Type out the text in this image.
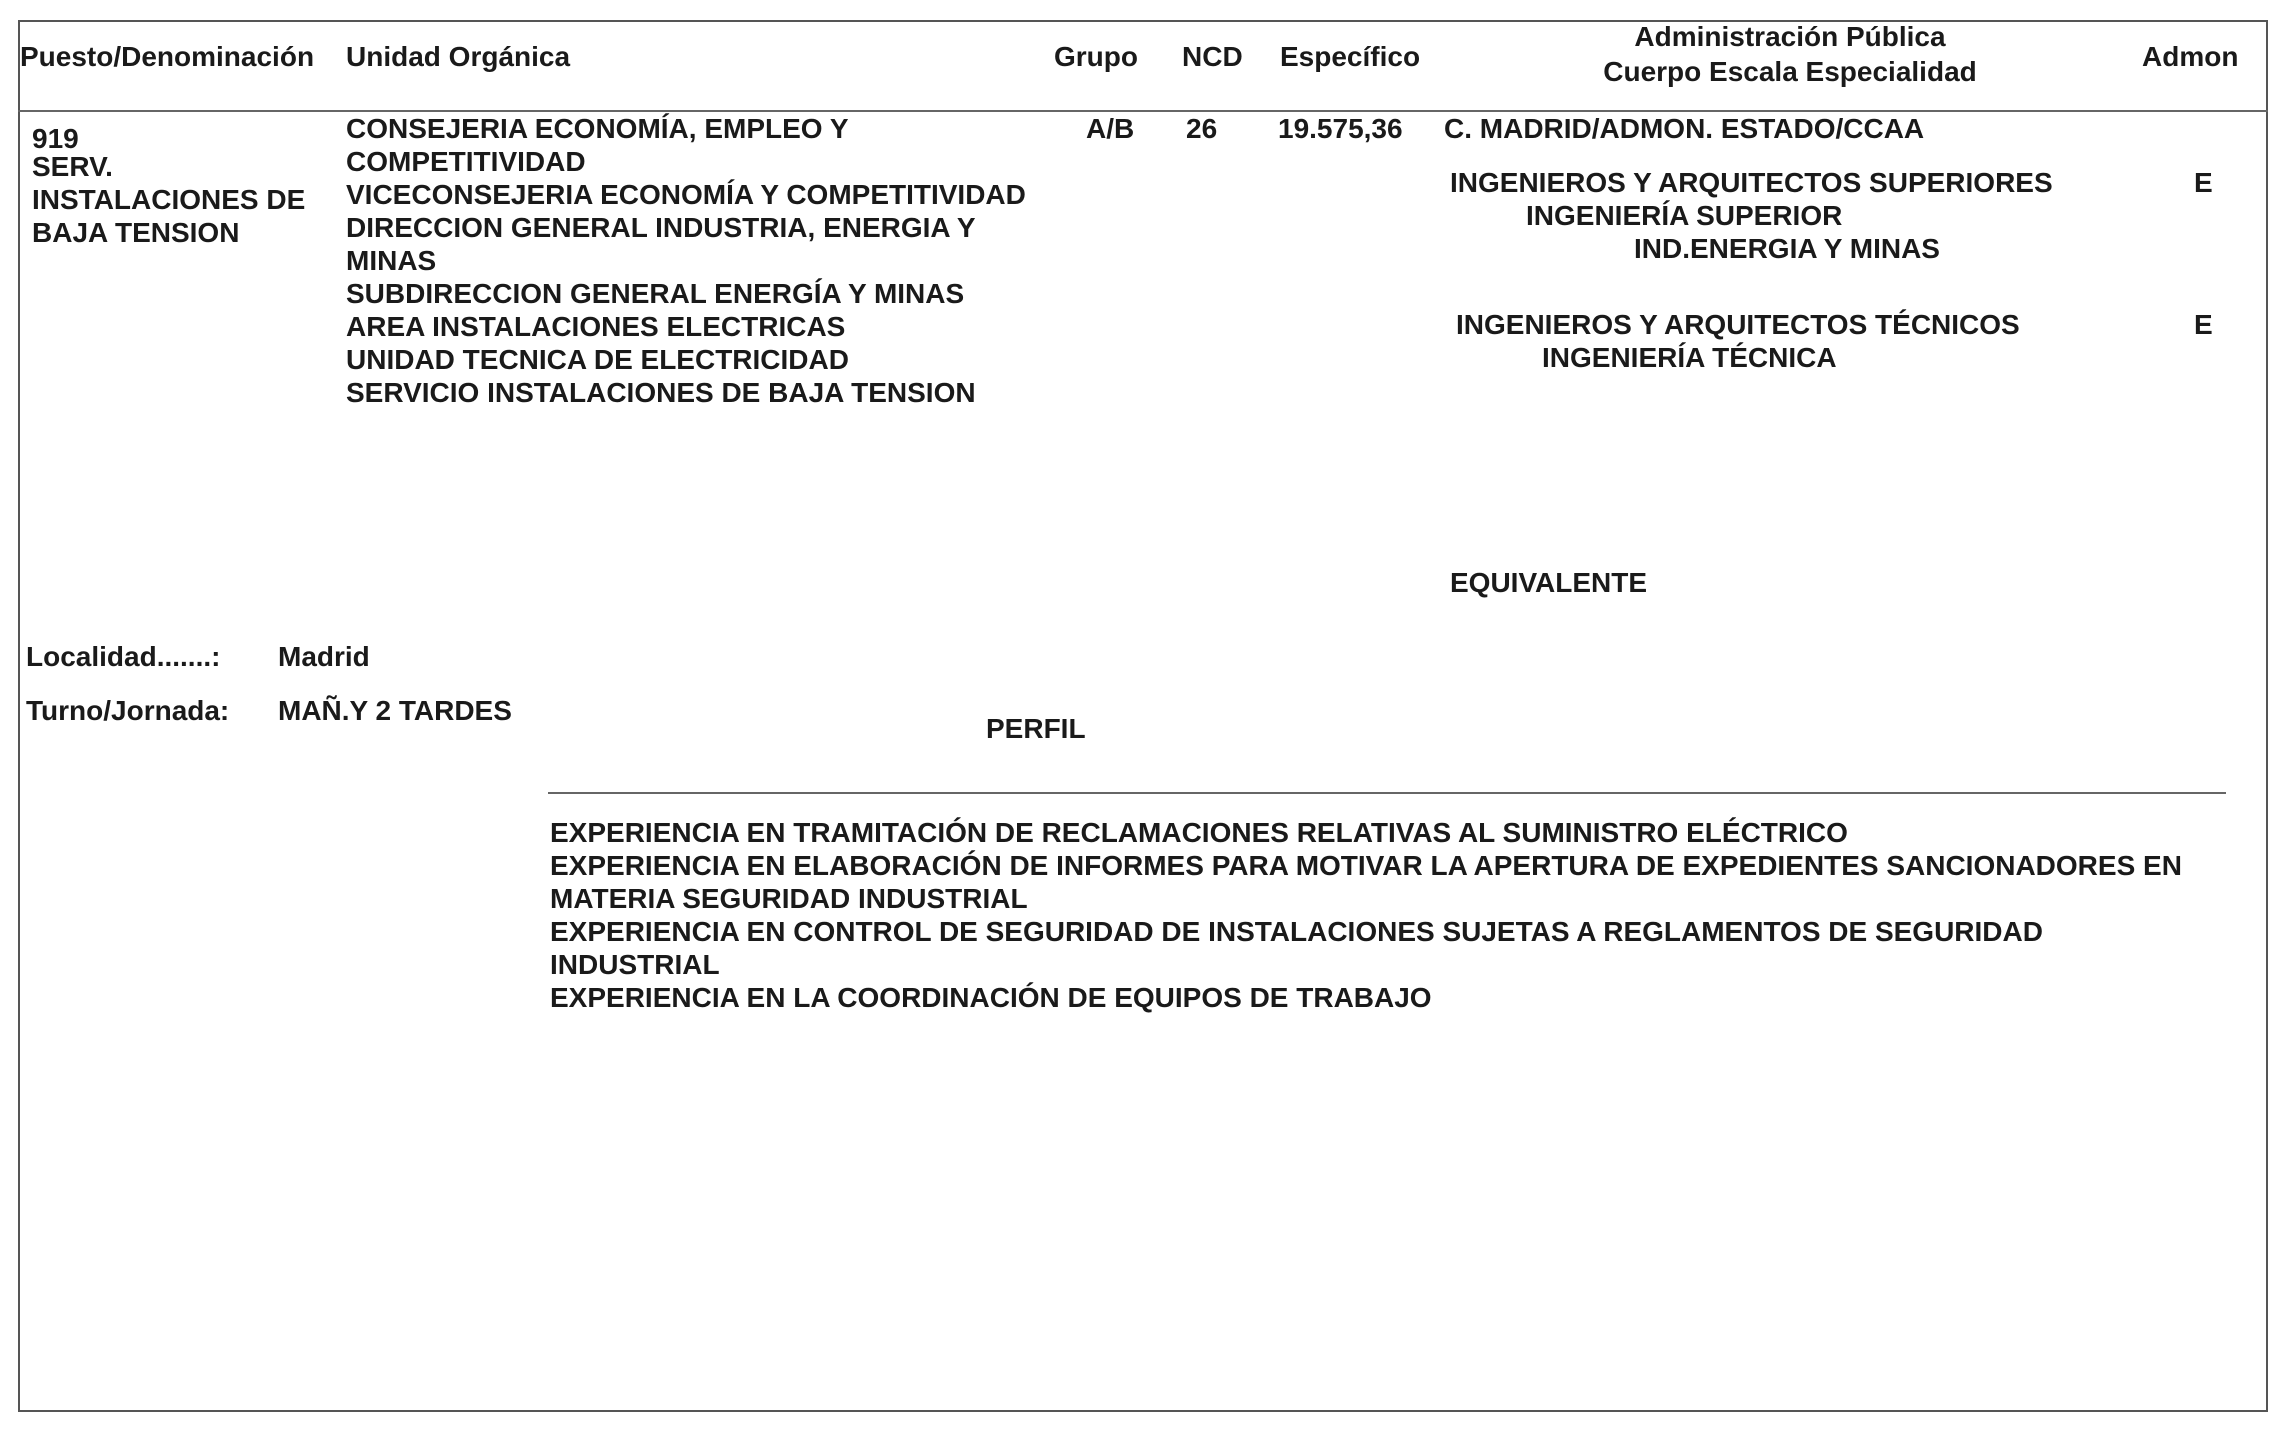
Puesto/Denominación Unidad Orgánica	Grupo NCD Específico
Administración Pública
Cuerpo Escala Especialidad	Admon
919
SERV.
INSTALACIONES DE
BAJA TENSION
CONSEJERIA ECONOMÍA, EMPLEO Y
COMPETITIVIDAD
VICECONSEJERIA ECONOMÍA Y COMPETITIVIDAD
DIRECCION GENERAL INDUSTRIA, ENERGIA Y
MINAS
SUBDIRECCION GENERAL ENERGÍA Y MINAS
AREA INSTALACIONES ELECTRICAS
UNIDAD TECNICA DE ELECTRICIDAD
SERVICIO INSTALACIONES DE BAJA TENSION
A/B 26 19.575,36 C. MADRID/ADMON. ESTADO/CCAA
INGENIEROS Y ARQUITECTOS SUPERIORES
INGENIERÍA SUPERIOR
IND.ENERGIA Y MINAS
E
INGENIEROS Y ARQUITECTOS TÉCNICOS
INGENIERÍA TÉCNICA
E
EQUIVALENTE
Localidad.......: Madrid
Turno/Jornada: MAÑ.Y 2 TARDES
PERFIL
EXPERIENCIA EN TRAMITACIÓN DE RECLAMACIONES RELATIVAS AL SUMINISTRO ELÉCTRICO
EXPERIENCIA EN ELABORACIÓN DE INFORMES PARA MOTIVAR LA APERTURA DE EXPEDIENTES SANCIONADORES EN
MATERIA SEGURIDAD INDUSTRIAL
EXPERIENCIA EN CONTROL DE SEGURIDAD DE INSTALACIONES SUJETAS A REGLAMENTOS DE SEGURIDAD
INDUSTRIAL
EXPERIENCIA EN LA COORDINACIÓN DE EQUIPOS DE TRABAJO
